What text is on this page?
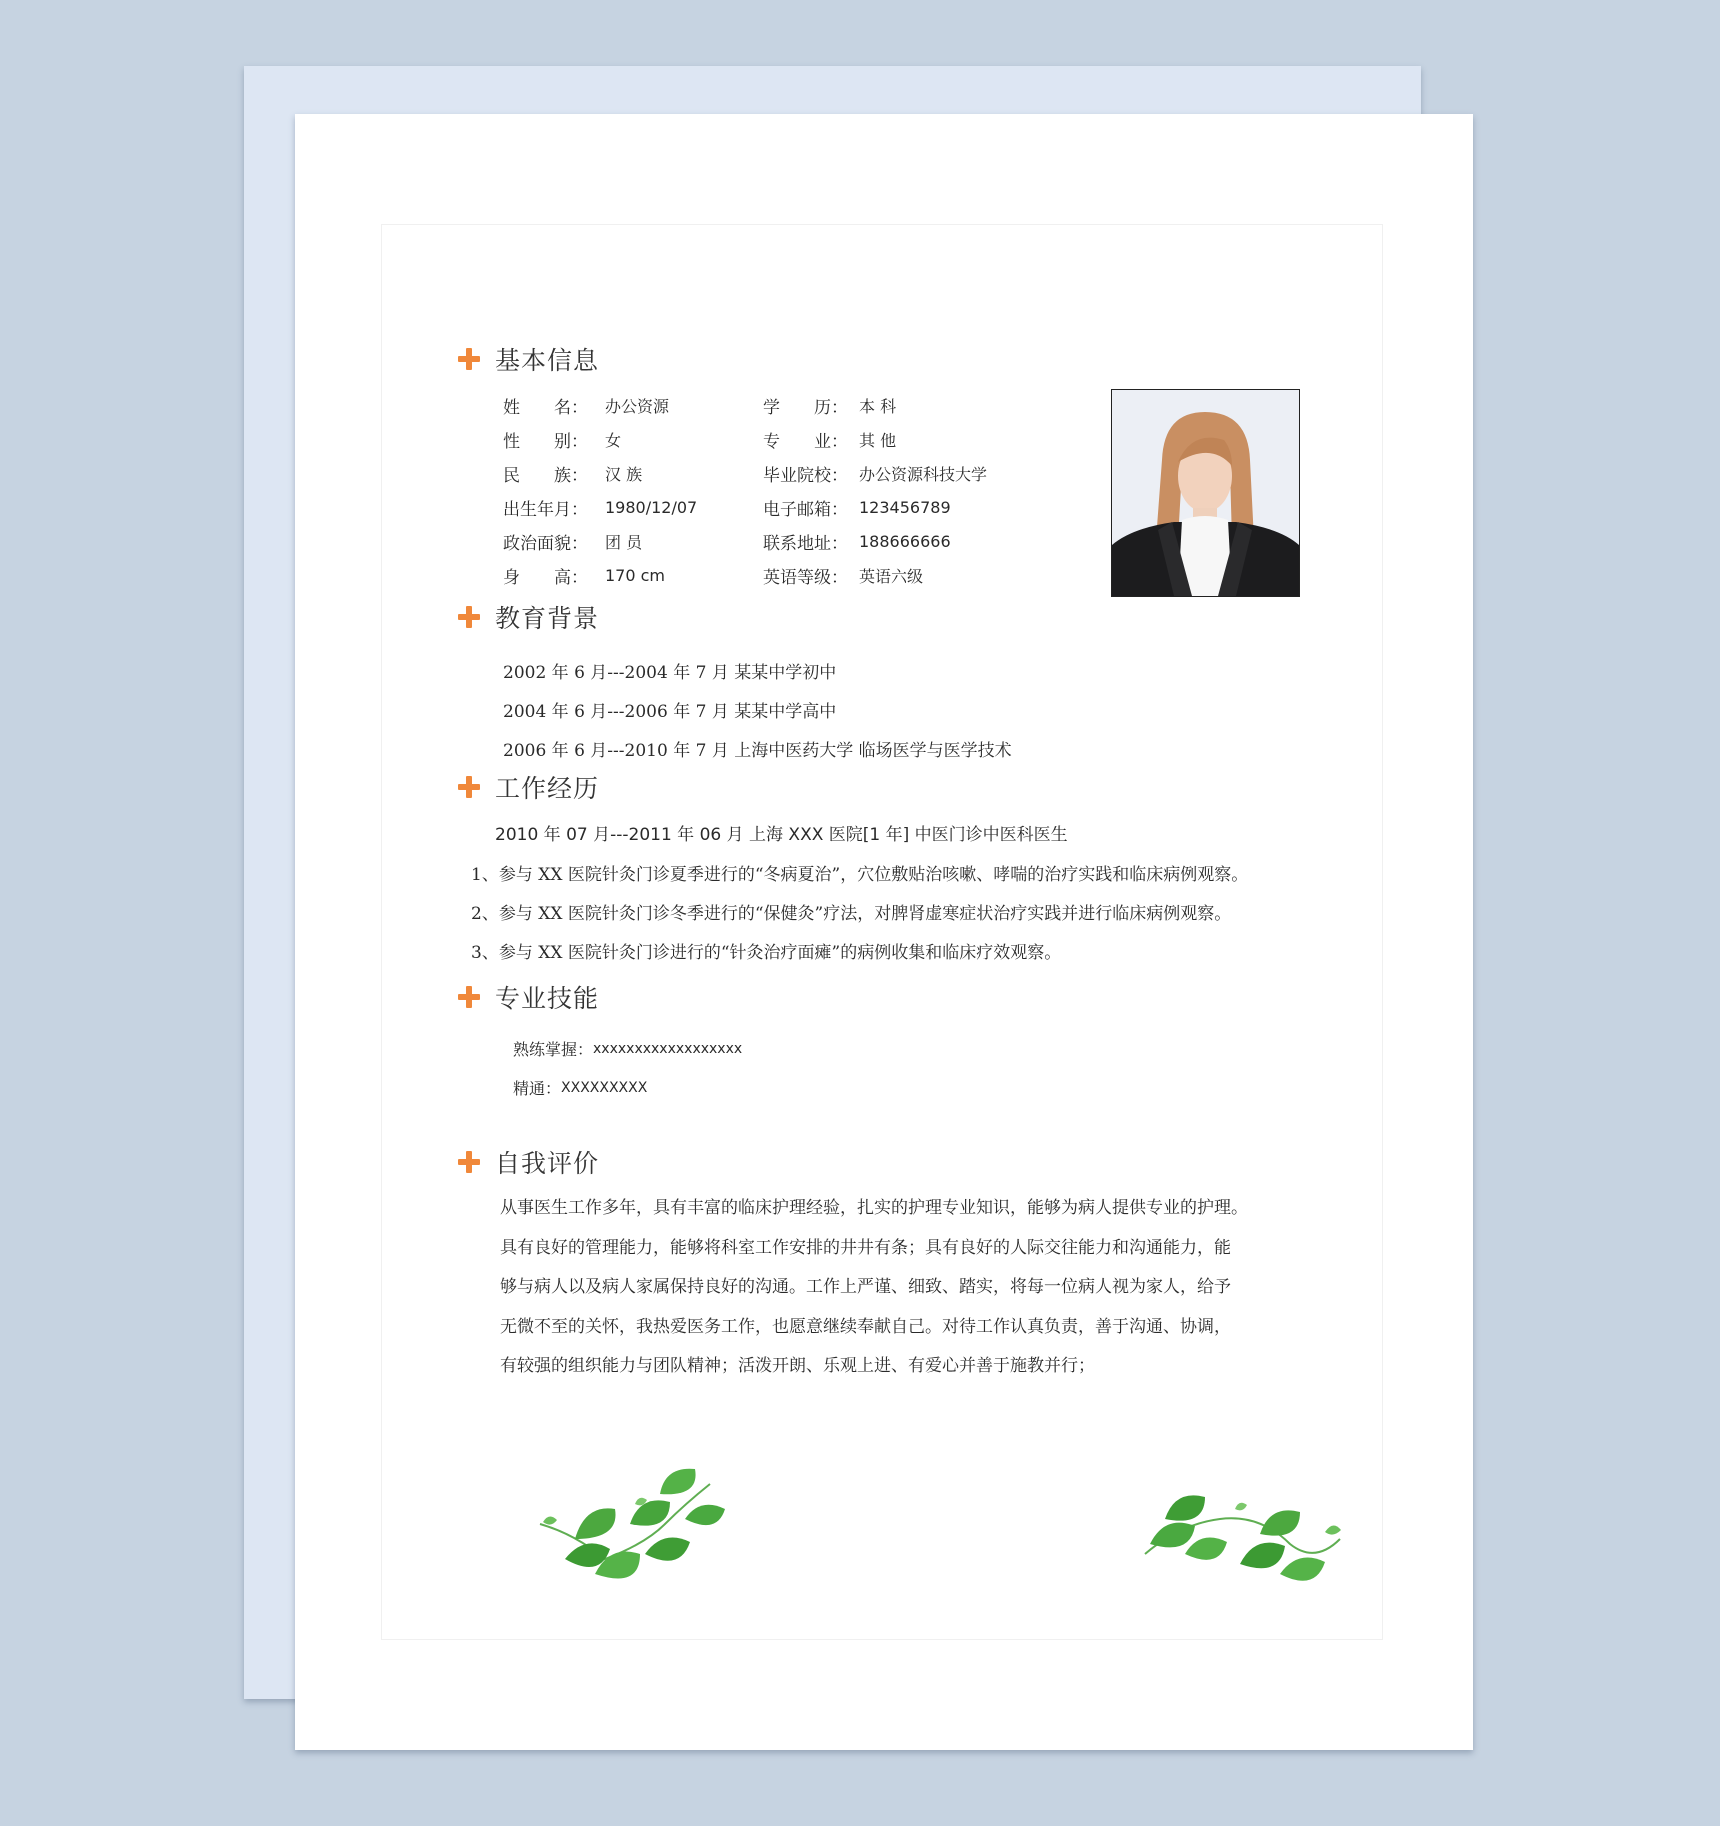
基本信息
姓　　名：	办公资源	学　　历： 本 科
性　　别：	女	专　　业： 其 他
民　　族：	汉 族	毕业院校： 办公资源科技大学
出生年月：	1980/12/07	电子邮箱： 123456789
政治面貌：	团 员	联系地址： 188666666
身　　高：	170 cm	英语等级： 英语六级
教育背景
2002 年 6 月---2004 年 7 月 某某中学初中
2004 年 6 月---2006 年 7 月 某某中学高中
2006 年 6 月---2010 年 7 月 上海中医药大学 临场医学与医学技术
工作经历
2010 年 07 月---2011 年 06 月 上海 XXX 医院[1 年] 中医门诊中医科医生
1、参与 XX 医院针灸门诊夏季进行的“冬病夏治”，穴位敷贴治咳嗽、哮喘的治疗实践和临床病例观察。
2、参与 XX 医院针灸门诊冬季进行的“保健灸”疗法，对脾肾虚寒症状治疗实践并进行临床病例观察。
3、参与 XX 医院针灸门诊进行的“针灸治疗面瘫”的病例收集和临床疗效观察。
专业技能
熟练掌握： xxxxxxxxxxxxxxxxxx
精通： XXXXXXXXX
自我评价
从事医生工作多年，具有丰富的临床护理经验，扎实的护理专业知识，能够为病人提供专业的护理。
具有良好的管理能力，能够将科室工作安排的井井有条；具有良好的人际交往能力和沟通能力，能
够与病人以及病人家属保持良好的沟通。工作上严谨、细致、踏实，将每一位病人视为家人，给予
无微不至的关怀，我热爱医务工作，也愿意继续奉献自己。对待工作认真负责，善于沟通、协调，
有较强的组织能力与团队精神；活泼开朗、乐观上进、有爱心并善于施教并行；
